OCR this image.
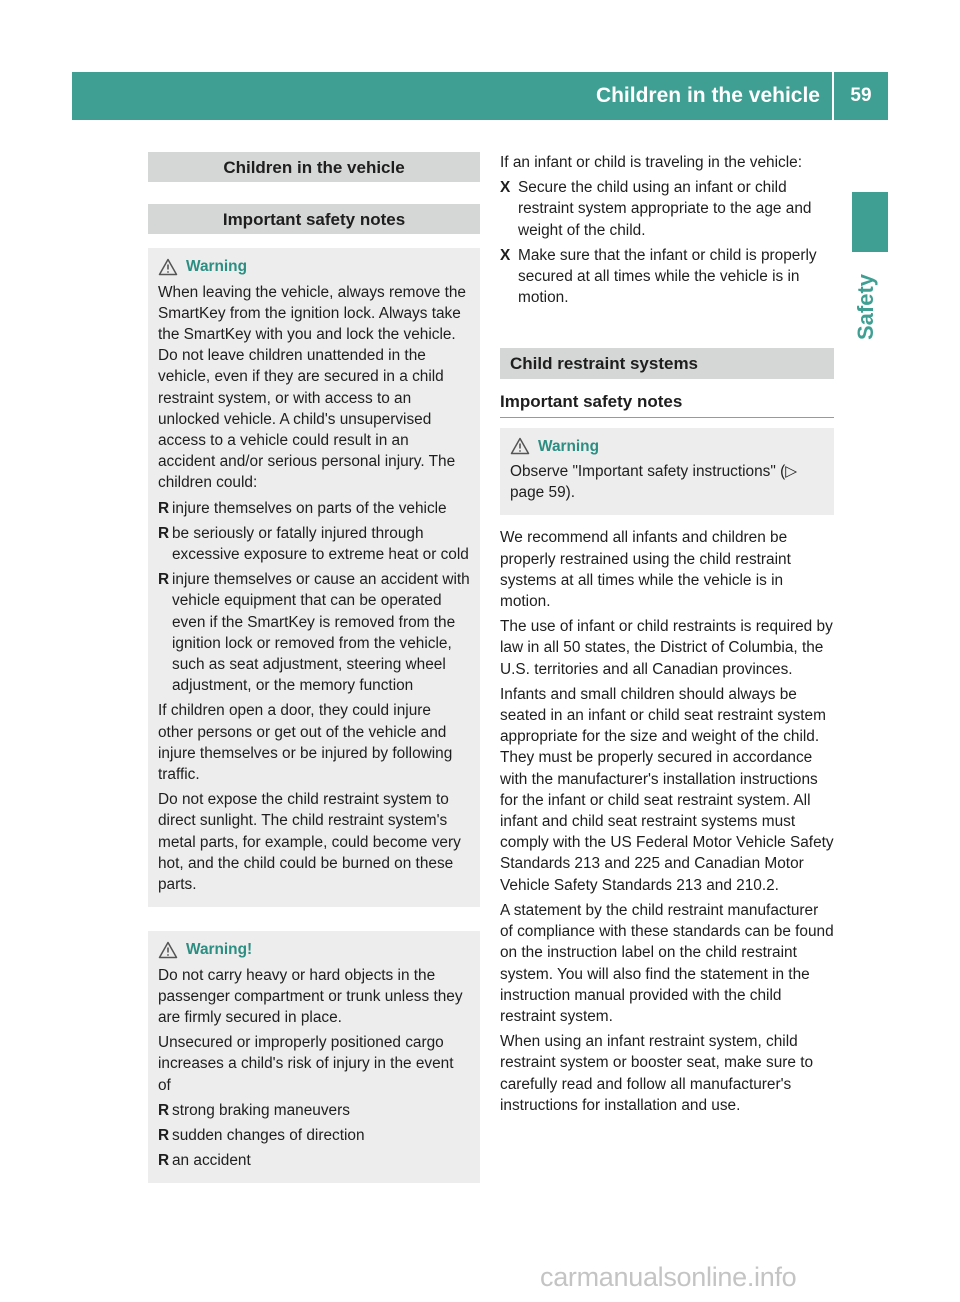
Children in the vehicle	59
Safety
Children in the vehicle
Important safety notes
Warning

When leaving the vehicle, always remove the SmartKey from the ignition lock. Always take the SmartKey with you and lock the vehicle. Do not leave children unattended in the vehicle, even if they are secured in a child restraint system, or with access to an unlocked vehicle. A child's unsupervised access to a vehicle could result in an accident and/or serious personal injury. The children could:

R injure themselves on parts of the vehicle
R be seriously or fatally injured through excessive exposure to extreme heat or cold
R injure themselves or cause an accident with vehicle equipment that can be operated even if the SmartKey is removed from the ignition lock or removed from the vehicle, such as seat adjustment, steering wheel adjustment, or the memory function

If children open a door, they could injure other persons or get out of the vehicle and injure themselves or be injured by following traffic.

Do not expose the child restraint system to direct sunlight. The child restraint system's metal parts, for example, could become very hot, and the child could be burned on these parts.

Warning!

Do not carry heavy or hard objects in the passenger compartment or trunk unless they are firmly secured in place.

Unsecured or improperly positioned cargo increases a child's risk of injury in the event of

R strong braking maneuvers
R sudden changes of direction
R an accident

If an infant or child is traveling in the vehicle:

X Secure the child using an infant or child restraint system appropriate to the age and weight of the child.
X Make sure that the infant or child is properly secured at all times while the vehicle is in motion.
Child restraint systems
Important safety notes
Warning

Observe "Important safety instructions" (▷ page 59).

We recommend all infants and children be properly restrained using the child restraint systems at all times while the vehicle is in motion.

The use of infant or child restraints is required by law in all 50 states, the District of Columbia, the U.S. territories and all Canadian provinces.

Infants and small children should always be seated in an infant or child seat restraint system appropriate for the size and weight of the child. They must be properly secured in accordance with the manufacturer's installation instructions for the infant or child seat restraint system. All infant and child seat restraint systems must comply with the US Federal Motor Vehicle Safety Standards 213 and 225 and Canadian Motor Vehicle Safety Standards 213 and 210.2.

A statement by the child restraint manufacturer of compliance with these standards can be found on the instruction label on the child restraint system. You will also find the statement in the instruction manual provided with the child restraint system.

When using an infant restraint system, child restraint system or booster seat, make sure to carefully read and follow all manufacturer's instructions for installation and use.

carmanualsonline.info
